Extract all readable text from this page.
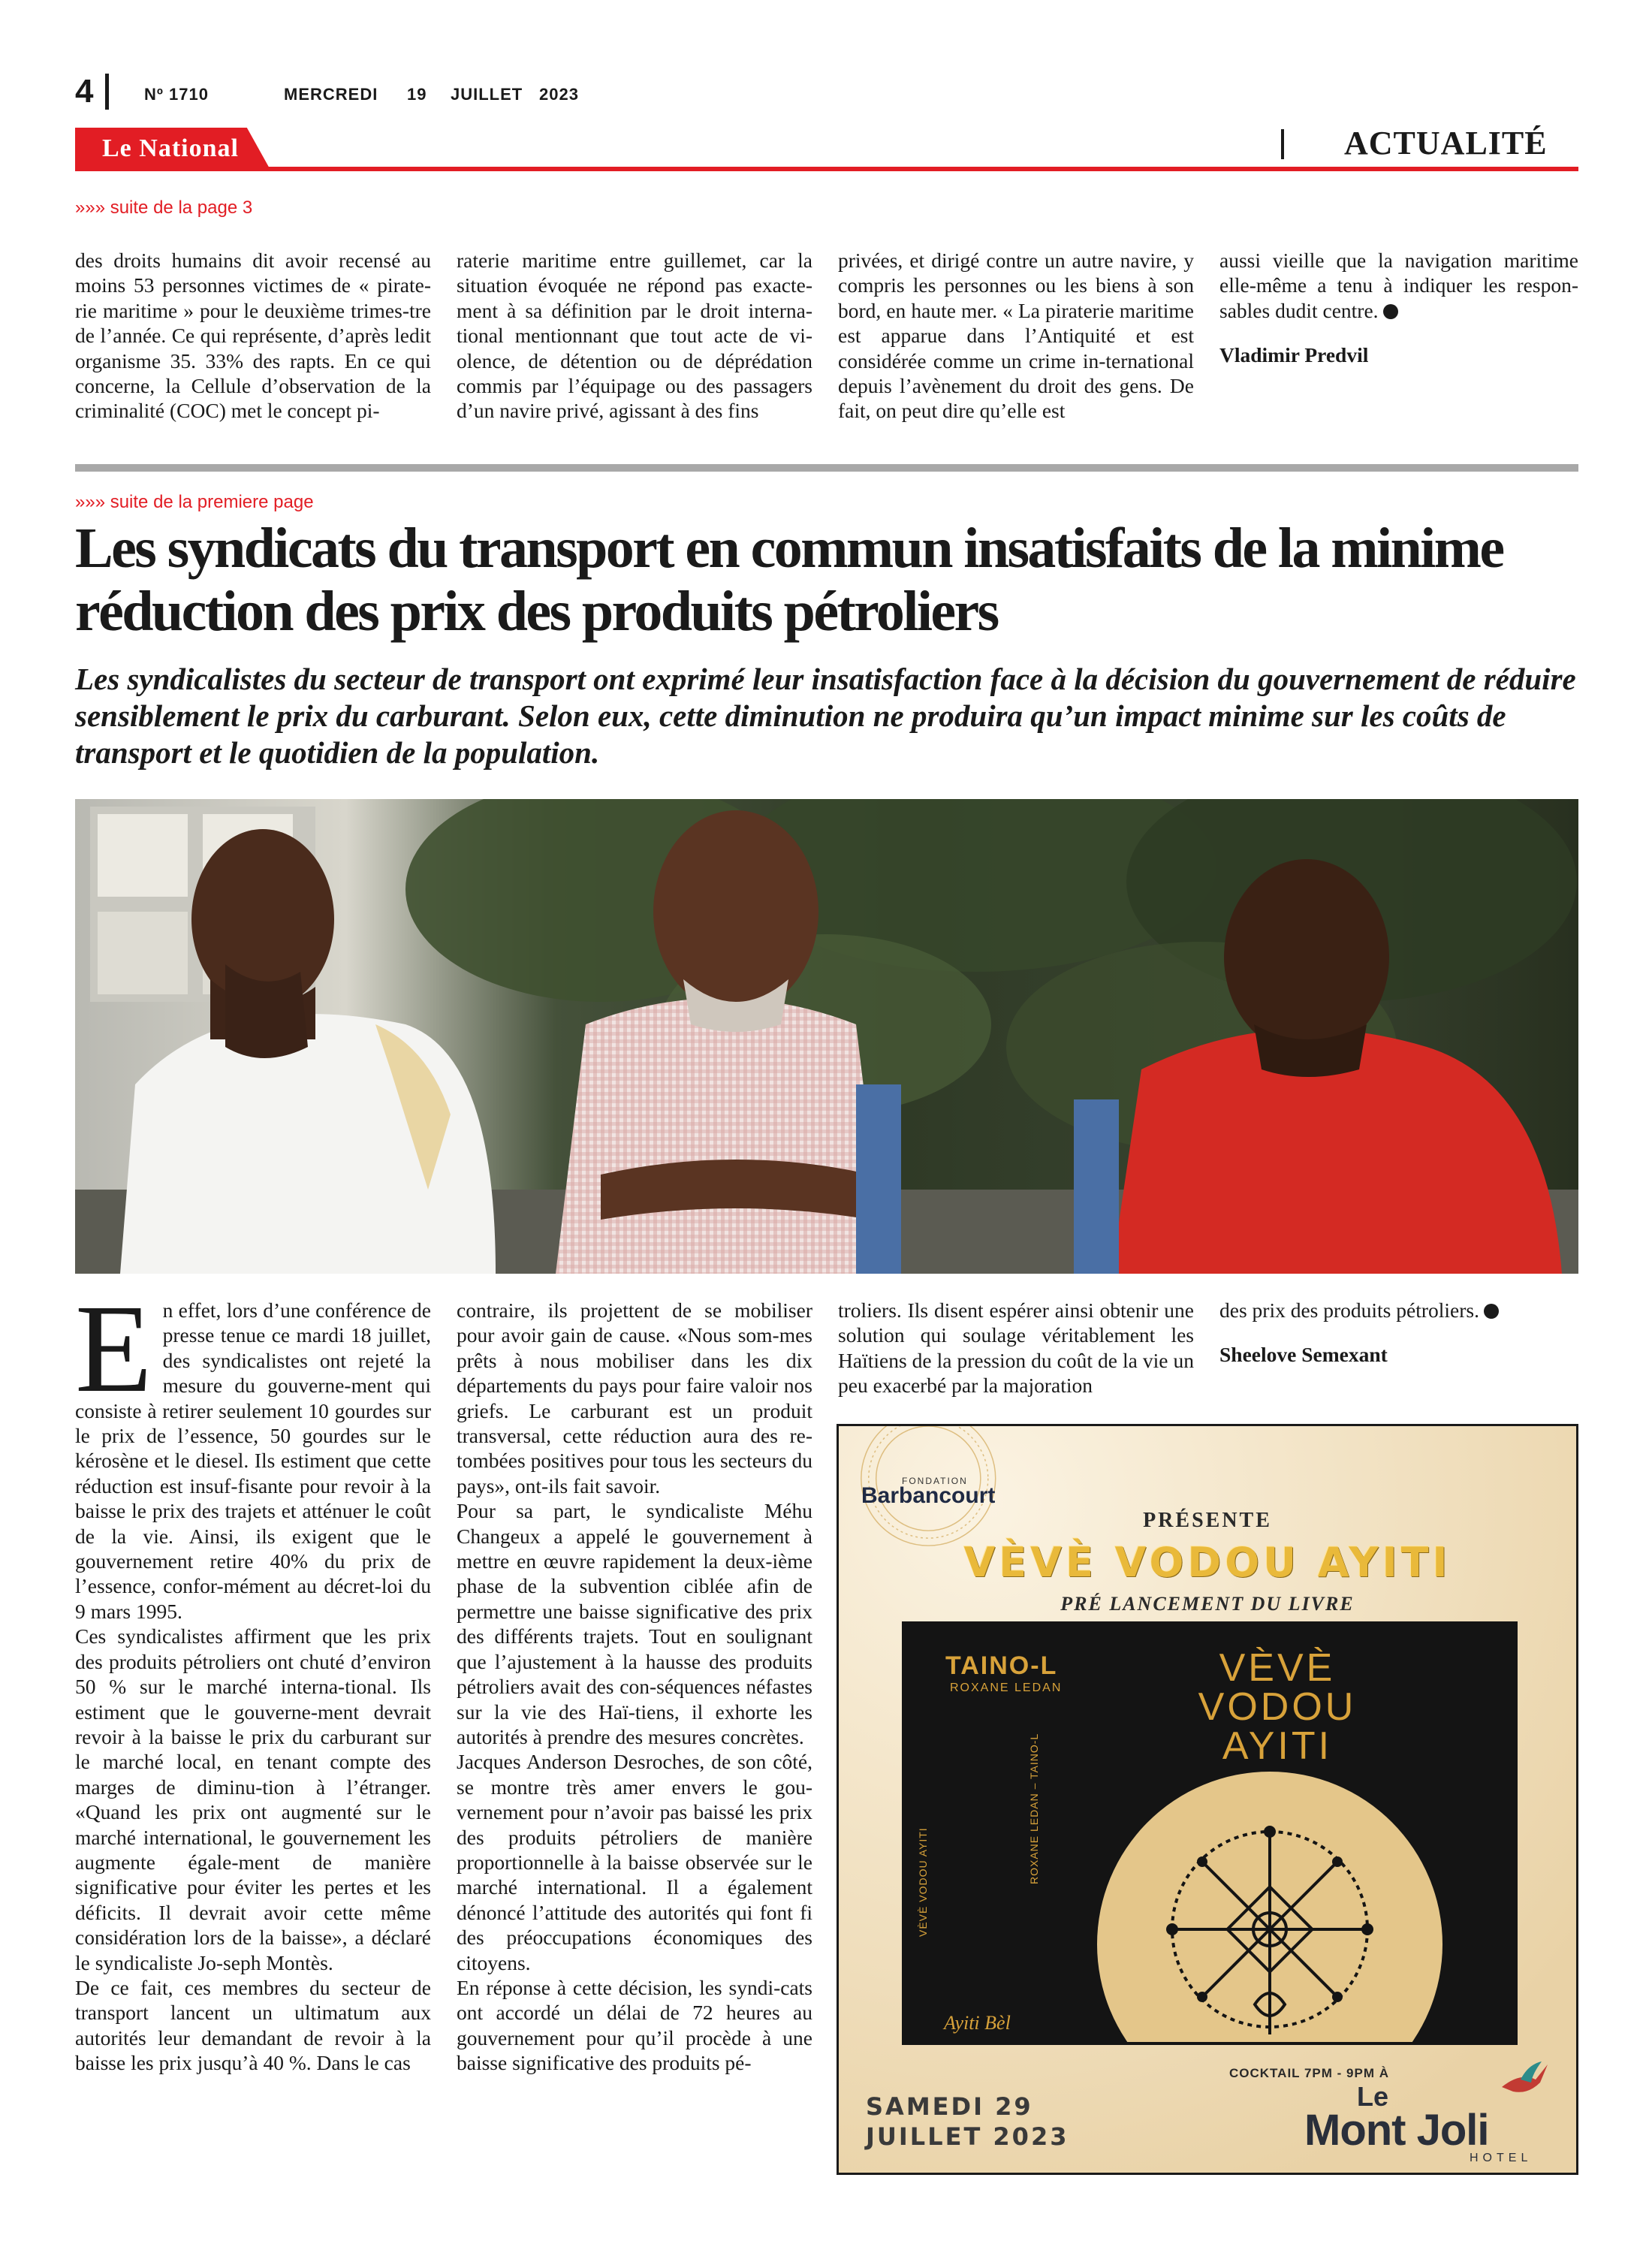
4	Nº 1710	MERCREDI 19 JUILLET 2023
Le National	ACTUALITÉ
»»» suite de la page 3

des droits humains dit avoir recensé au moins 53 personnes victimes de « pirate-rie maritime » pour le deuxième trimes-tre de l’année. Ce qui représente, d’après ledit organisme 35. 33% des rapts. En ce qui concerne, la Cellule d’observation de la criminalité (COC) met le concept pi-

raterie maritime entre guillemet, car la situation évoquée ne répond pas exacte-ment à sa définition par le droit interna-tional mentionnant que tout acte de vi-olence, de détention ou de déprédation commis par l’équipage ou des passagers d’un navire privé, agissant à des fins

privées, et dirigé contre un autre navire, y compris les personnes ou les biens à son bord, en haute mer. « La piraterie maritime est apparue dans l’Antiquité et est considérée comme un crime in-ternational depuis l’avènement du droit des gens. De fait, on peut dire qu’elle est

aussi vieille que la navigation maritime elle-même a tenu à indiquer les respon-sables dudit centre.

Vladimir Predvil

»»» suite de la premiere page
Les syndicats du transport en commun insatisfaits de la minime réduction des prix des produits pétroliers
Les syndicalistes du secteur de transport ont exprimé leur insatisfaction face à la décision du gouvernement de réduire sensiblement le prix du carburant. Selon eux, cette diminution ne produira qu’un impact minime sur les coûts de transport et le quotidien de la population.
E n effet, lors d’une conférence de presse tenue ce mardi 18 juillet, des syndicalistes ont rejeté la mesure du gouverne-ment qui consiste à retirer seulement 10 gourdes sur le prix de l’essence, 50 gourdes sur le kérosène et le diesel. Ils estiment que cette réduction est insuf-fisante pour revoir à la baisse le prix des trajets et atténuer le coût de la vie. Ainsi, ils exigent que le gouvernement retire 40% du prix de l’essence, confor-mément au décret-loi du 9 mars 1995.

Ces syndicalistes affirment que les prix des produits pétroliers ont chuté d’environ 50 % sur le marché interna-tional. Ils estiment que le gouverne-ment devrait revoir à la baisse le prix du carburant sur le marché local, en tenant compte des marges de diminu-tion à l’étranger. «Quand les prix ont augmenté sur le marché international, le gouvernement les augmente égale-ment de manière significative pour éviter les pertes et les déficits. Il devrait avoir cette même considération lors de la baisse», a déclaré le syndicaliste Jo-seph Montès.

De ce fait, ces membres du secteur de transport lancent un ultimatum aux autorités leur demandant de revoir à la baisse les prix jusqu’à 40 %. Dans le cas

contraire, ils projettent de se mobiliser pour avoir gain de cause. «Nous som-mes prêts à nous mobiliser dans les dix départements du pays pour faire valoir nos griefs. Le carburant est un produit transversal, cette réduction aura des re-tombées positives pour tous les secteurs du pays», ont-ils fait savoir.

Pour sa part, le syndicaliste Méhu Changeux a appelé le gouvernement à mettre en œuvre rapidement la deux-ième phase de la subvention ciblée afin de permettre une baisse significative des prix des différents trajets. Tout en soulignant que l’ajustement à la hausse des produits pétroliers avait des con-séquences néfastes sur la vie des Haï-tiens, il exhorte les autorités à prendre des mesures concrètes.

Jacques Anderson Desroches, de son côté, se montre très amer envers le gou-vernement pour n’avoir pas baissé les prix des produits pétroliers de manière proportionnelle à la baisse observée sur le marché international. Il a également dénoncé l’attitude des autorités qui font fi des préoccupations économiques des citoyens.

En réponse à cette décision, les syndi-cats ont accordé un délai de 72 heures au gouvernement pour qu’il procède à une baisse significative des produits pé-

troliers. Ils disent espérer ainsi obtenir une solution qui soulage véritablement les Haïtiens de la pression du coût de la vie un peu exacerbé par la majoration

des prix des produits pétroliers.

Sheelove Semexant

FONDATION
Barbancourt
PRÉSENTE
VÈVÈ VODOU AYITI
PRÉ LANCEMENT DU LIVRE
TAINO-L
ROXANE LEDAN	VÈVÈ
VODOU
AYITI
ROXANE LEDAN – TAINO-L
VÈVÈ VODOU AYITI
Ayiti Bèl
COCKTAIL 7PM - 9PM À
SAMEDI 29
JUILLET 2023
Le
Mont Joli
HOTEL
